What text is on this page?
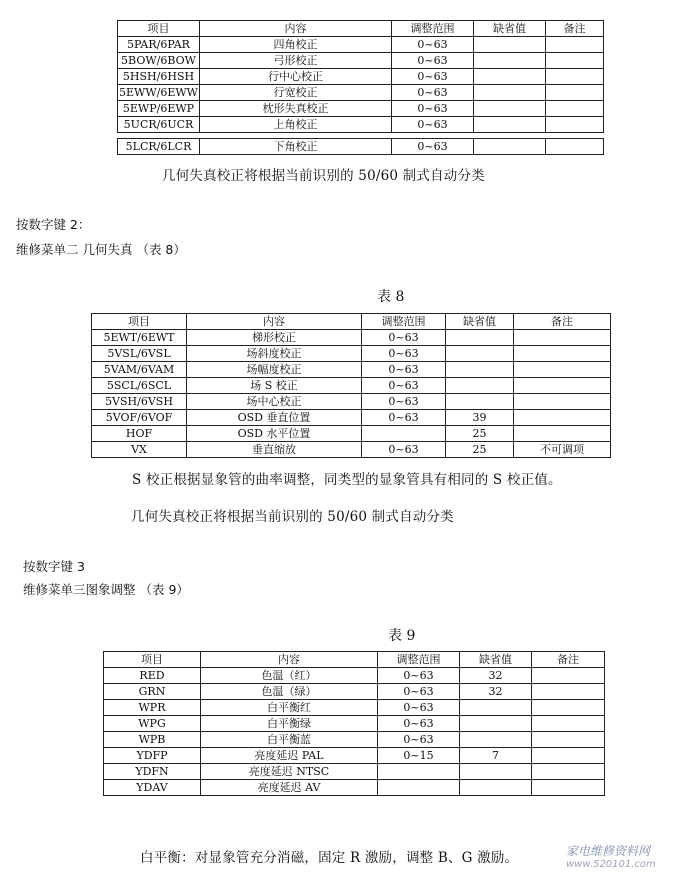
项目	内容	调整范围	缺省值	备注
5PAR/6PAR	四角校正	0~63		
5BOW/6BOW	弓形校正	0~63		
5HSH/6HSH	行中心校正	0~63		
5EWW/6EWW	行宽校正	0~63		
5EWP/6EWP	枕形失真校正	0~63		
5UCR/6UCR	上角校正	0~63		
5LCR/6LCR	下角校正	0~63		
几何失真校正将根据当前识别的 50/60 制式自动分类
按数字键 2：
维修菜单二 几何失真 （表 8）
表 8
项目	内容	调整范围	缺省值	备注
5EWT/6EWT	梯形校正	0~63		
5VSL/6VSL	场斜度校正	0~63		
5VAM/6VAM	场幅度校正	0~63		
5SCL/6SCL	场 S 校正	0~63		
5VSH/6VSH	场中心校正	0~63		
5VOF/6VOF	OSD 垂直位置	0~63	39	
HOF	OSD 水平位置		25	
VX	垂直缩放	0~63	25	不可调项
S 校正根据显象管的曲率调整，同类型的显象管具有相同的 S 校正值。
几何失真校正将根据当前识别的 50/60 制式自动分类
按数字键 3
维修菜单三图象调整 （表 9）
表 9
项目	内容	调整范围	缺省值	备注
RED	色温（红）	0~63	32	
GRN	色温（绿）	0~63	32	
WPR	白平衡红	0~63		
WPG	白平衡绿	0~63		
WPB	白平衡蓝	0~63		
YDFP	亮度延迟 PAL	0~15	7	
YDFN	亮度延迟 NTSC			
YDAV	亮度延迟 AV			
白平衡：对显象管充分消磁，固定 R 激励，调整 B、G 激励。	家电维修资料网
www.520101.com
